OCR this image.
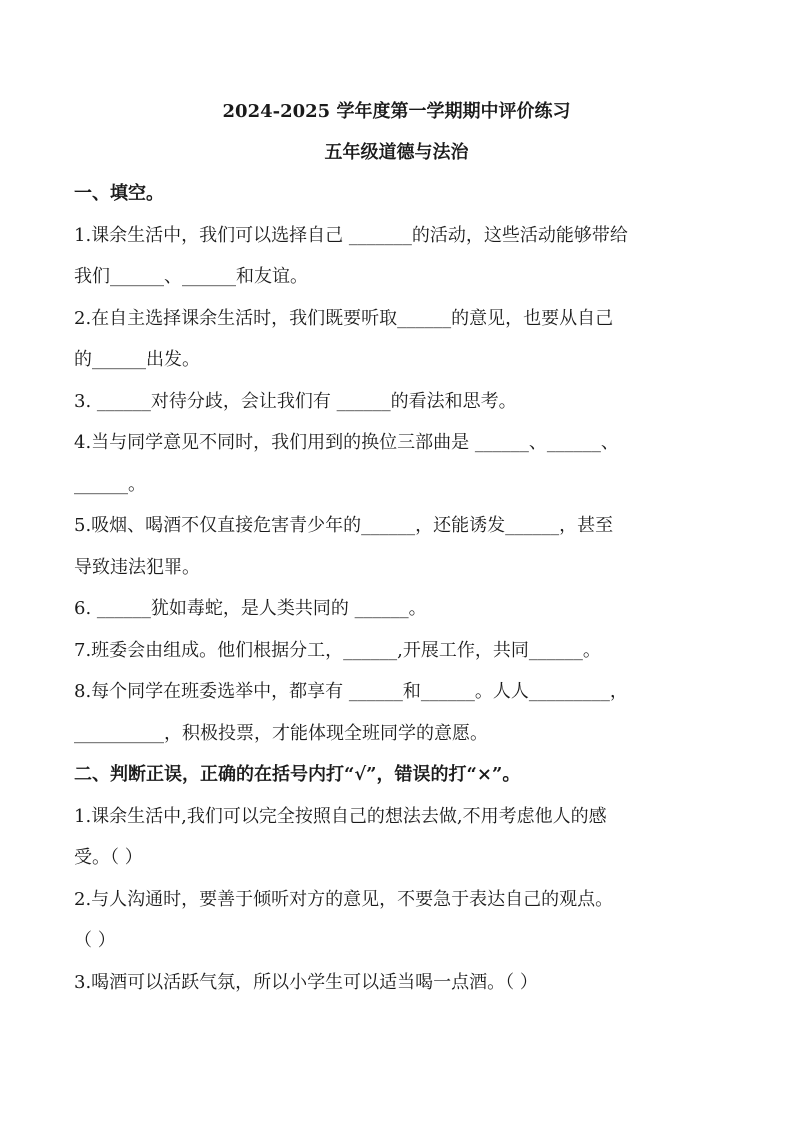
2024-2025 学年度第一学期期中评价练习
五年级道德与法治
一、填空。
1.课余生活中，我们可以选择自己 _______的活动，这些活动能够带给
我们______、______和友谊。
2.在自主选择课余生活时，我们既要听取______的意见，也要从自己
的______出发。
3. ______对待分歧，会让我们有 ______的看法和思考。
4.当与同学意见不同时，我们用到的换位三部曲是 ______、______、
______。
5.吸烟、喝酒不仅直接危害青少年的______，还能诱发______，甚至
导致违法犯罪。
6. ______犹如毒蛇，是人类共同的 ______。
7.班委会由组成。他们根据分工，______,开展工作，共同______。
8.每个同学在班委选举中，都享有 ______和______。人人_________，
__________，积极投票，才能体现全班同学的意愿。
二、判断正误，正确的在括号内打“√”，错误的打“×”。
1.课余生活中,我们可以完全按照自己的想法去做,不用考虑他人的感
受。（ ）
2.与人沟通时，要善于倾听对方的意见，不要急于表达自己的观点。
（ ）
3.喝酒可以活跃气氛，所以小学生可以适当喝一点酒。（ ）
